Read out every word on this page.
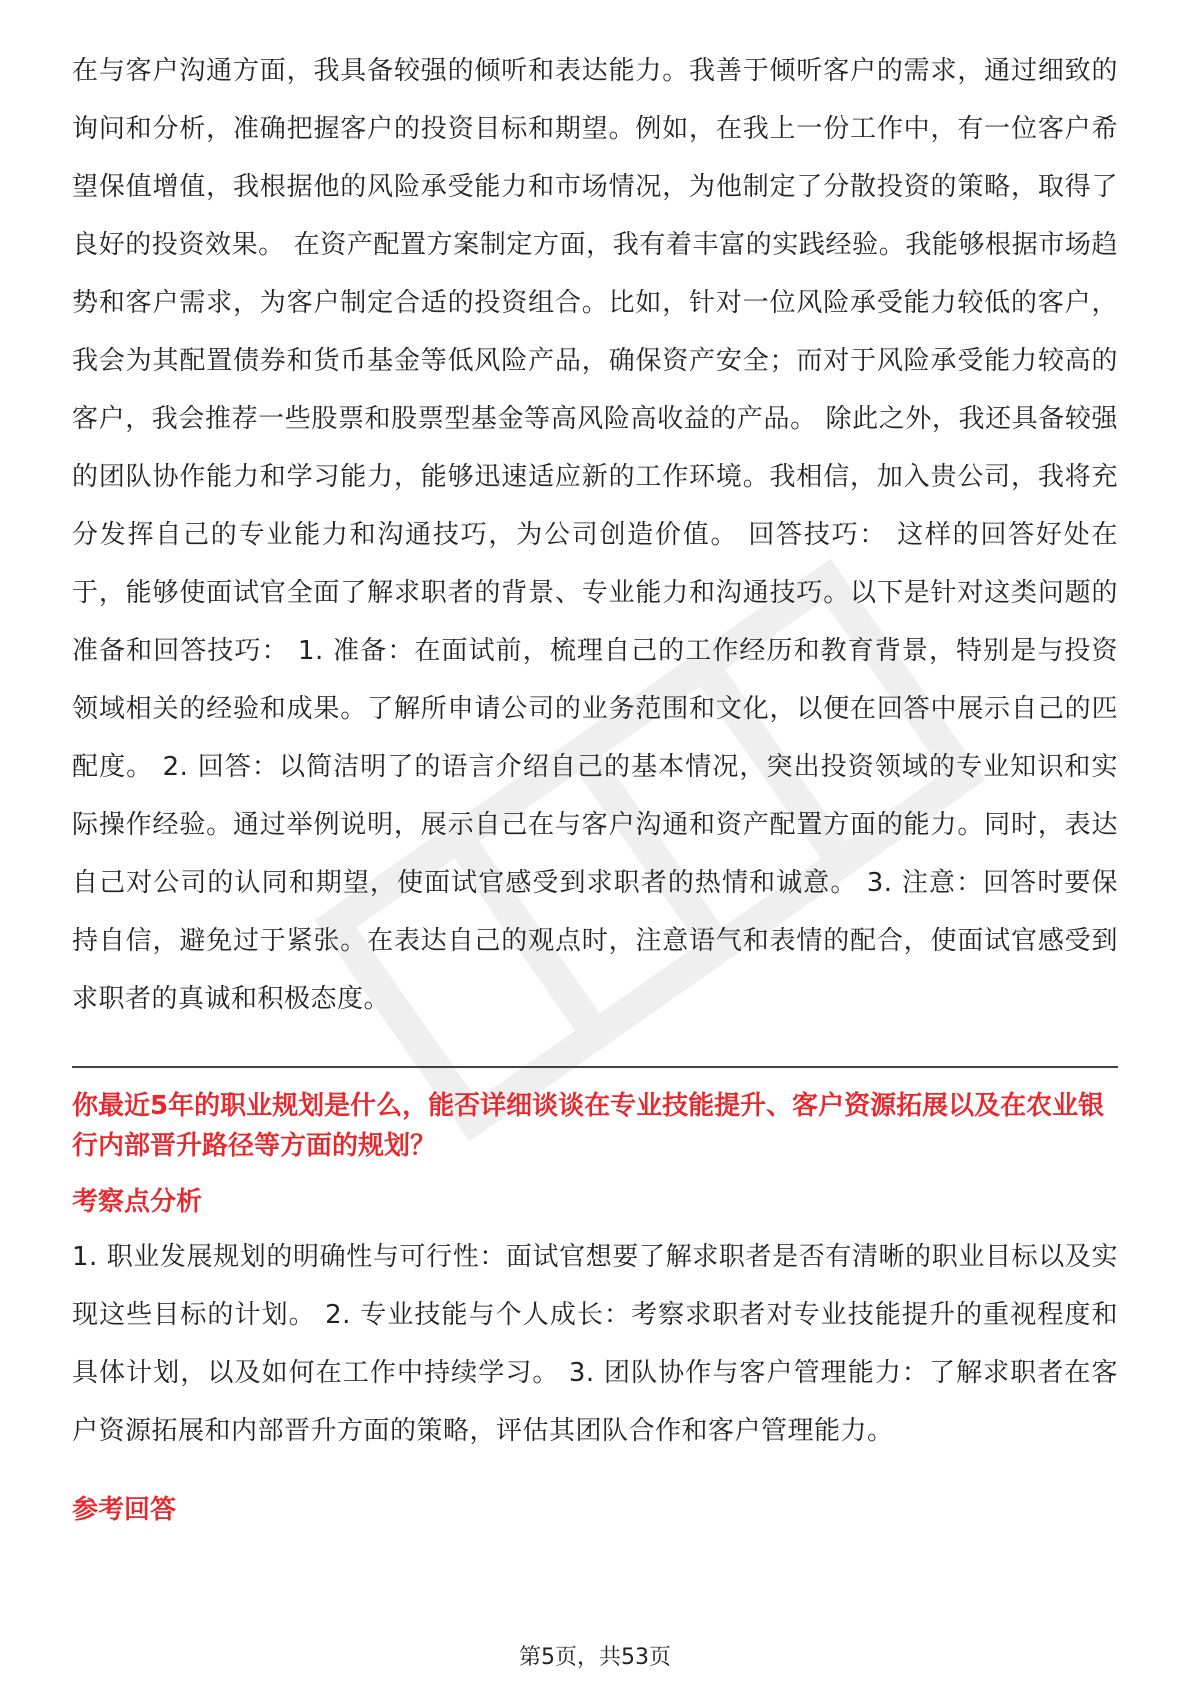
在与客户沟通方面，我具备较强的倾听和表达能力。我善于倾听客户的需求，通过细致的询问和分析，准确把握客户的投资目标和期望。例如，在我上一份工作中，有一位客户希望保值增值，我根据他的风险承受能力和市场情况，为他制定了分散投资的策略，取得了良好的投资效果。 在资产配置方案制定方面，我有着丰富的实践经验。我能够根据市场趋势和客户需求，为客户制定合适的投资组合。比如，针对一位风险承受能力较低的客户，我会为其配置债券和货币基金等低风险产品，确保资产安全；而对于风险承受能力较高的客户，我会推荐一些股票和股票型基金等高风险高收益的产品。 除此之外，我还具备较强的团队协作能力和学习能力，能够迅速适应新的工作环境。我相信，加入贵公司，我将充分发挥自己的专业能力和沟通技巧，为公司创造价值。 回答技巧： 这样的回答好处在于，能够使面试官全面了解求职者的背景、专业能力和沟通技巧。以下是针对这类问题的准备和回答技巧： 1. 准备：在面试前，梳理自己的工作经历和教育背景，特别是与投资领域相关的经验和成果。了解所申请公司的业务范围和文化，以便在回答中展示自己的匹配度。 2. 回答：以简洁明了的语言介绍自己的基本情况，突出投资领域的专业知识和实际操作经验。通过举例说明，展示自己在与客户沟通和资产配置方面的能力。同时，表达自己对公司的认同和期望，使面试官感受到求职者的热情和诚意。 3. 注意：回答时要保持自信，避免过于紧张。在表达自己的观点时，注意语气和表情的配合，使面试官感受到求职者的真诚和积极态度。

你最近5年的职业规划是什么，能否详细谈谈在专业技能提升、客户资源拓展以及在农业银行内部晋升路径等方面的规划？

考察点分析

1. 职业发展规划的明确性与可行性：面试官想要了解求职者是否有清晰的职业目标以及实现这些目标的计划。 2. 专业技能与个人成长：考察求职者对专业技能提升的重视程度和具体计划，以及如何在工作中持续学习。 3. 团队协作与客户管理能力：了解求职者在客户资源拓展和内部晋升方面的策略，评估其团队合作和客户管理能力。

参考回答
第5页，共53页
